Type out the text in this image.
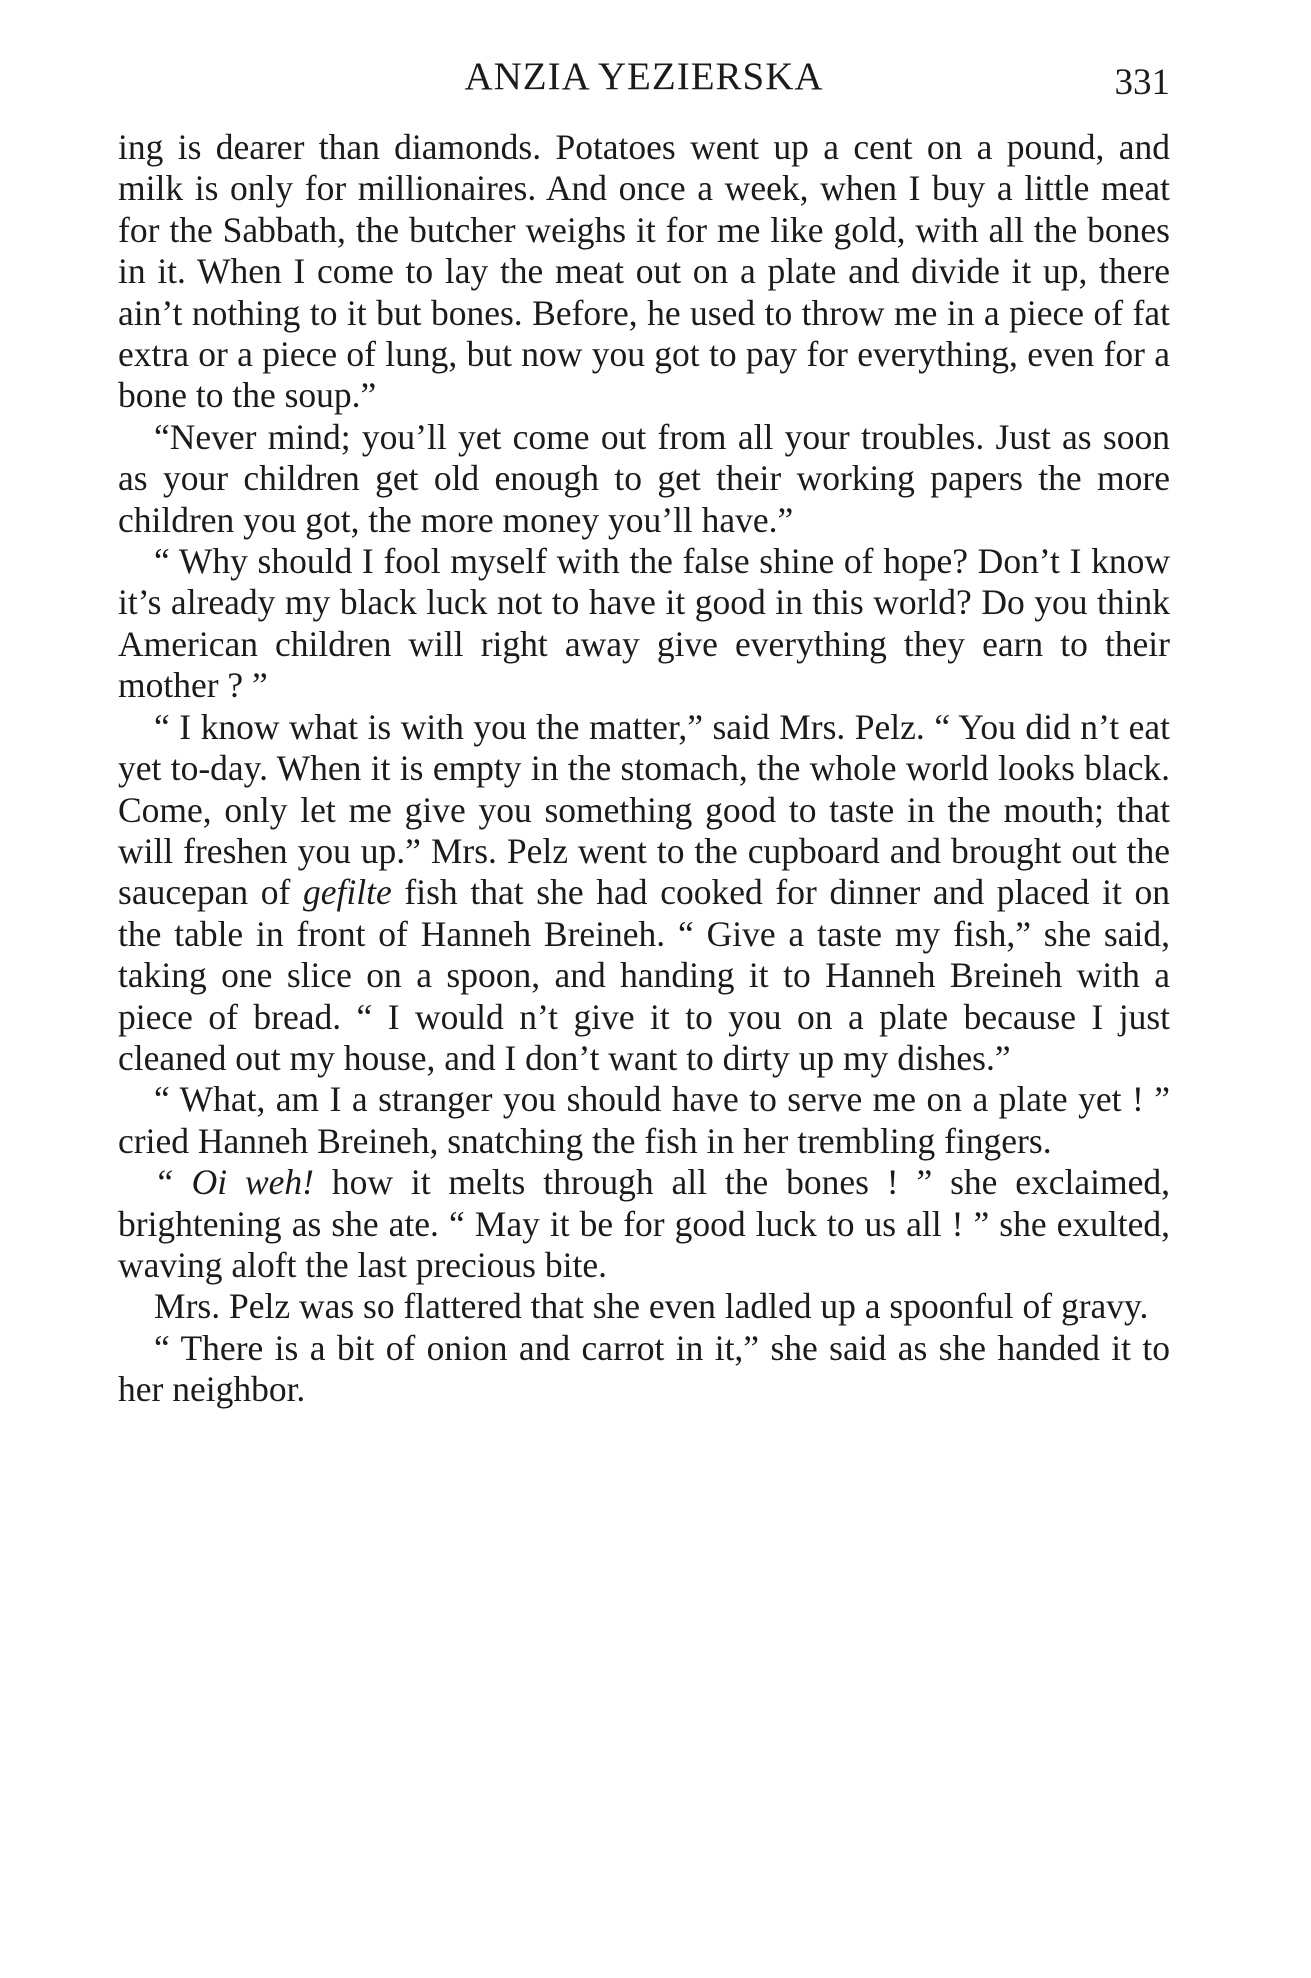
ANZIA YEZIERSKA	331

ing is dearer than diamonds. Potatoes went up a cent on a pound, and milk is only for millionaires. And once a week, when I buy a little meat for the Sabbath, the butcher weighs it for me like gold, with all the bones in it. When I come to lay the meat out on a plate and divide it up, there ain’t nothing to it but bones. Before, he used to throw me in a piece of fat extra or a piece of lung, but now you got to pay for everything, even for a bone to the soup.”

“Never mind; you’ll yet come out from all your troubles. Just as soon as your children get old enough to get their working papers the more children you got, the more money you’ll have.”

“ Why should I fool myself with the false shine of hope? Don’t I know it’s already my black luck not to have it good in this world? Do you think American children will right away give everything they earn to their mother ? ”

“ I know what is with you the matter,” said Mrs. Pelz. “ You did n’t eat yet to-day. When it is empty in the stomach, the whole world looks black. Come, only let me give you something good to taste in the mouth; that will freshen you up.” Mrs. Pelz went to the cupboard and brought out the saucepan of gefilte fish that she had cooked for dinner and placed it on the table in front of Hanneh Breineh. “ Give a taste my fish,” she said, taking one slice on a spoon, and handing it to Hanneh Breineh with a piece of bread. “ I would n’t give it to you on a plate because I just cleaned out my house, and I don’t want to dirty up my dishes.”

“ What, am I a stranger you should have to serve me on a plate yet ! ” cried Hanneh Breineh, snatching the fish in her trembling fingers.

“ Oi weh! how it melts through all the bones ! ” she exclaimed, brightening as she ate. “ May it be for good luck to us all ! ” she exulted, waving aloft the last precious bite.

Mrs. Pelz was so flattered that she even ladled up a spoonful of gravy.

“ There is a bit of onion and carrot in it,” she said as she handed it to her neighbor.
